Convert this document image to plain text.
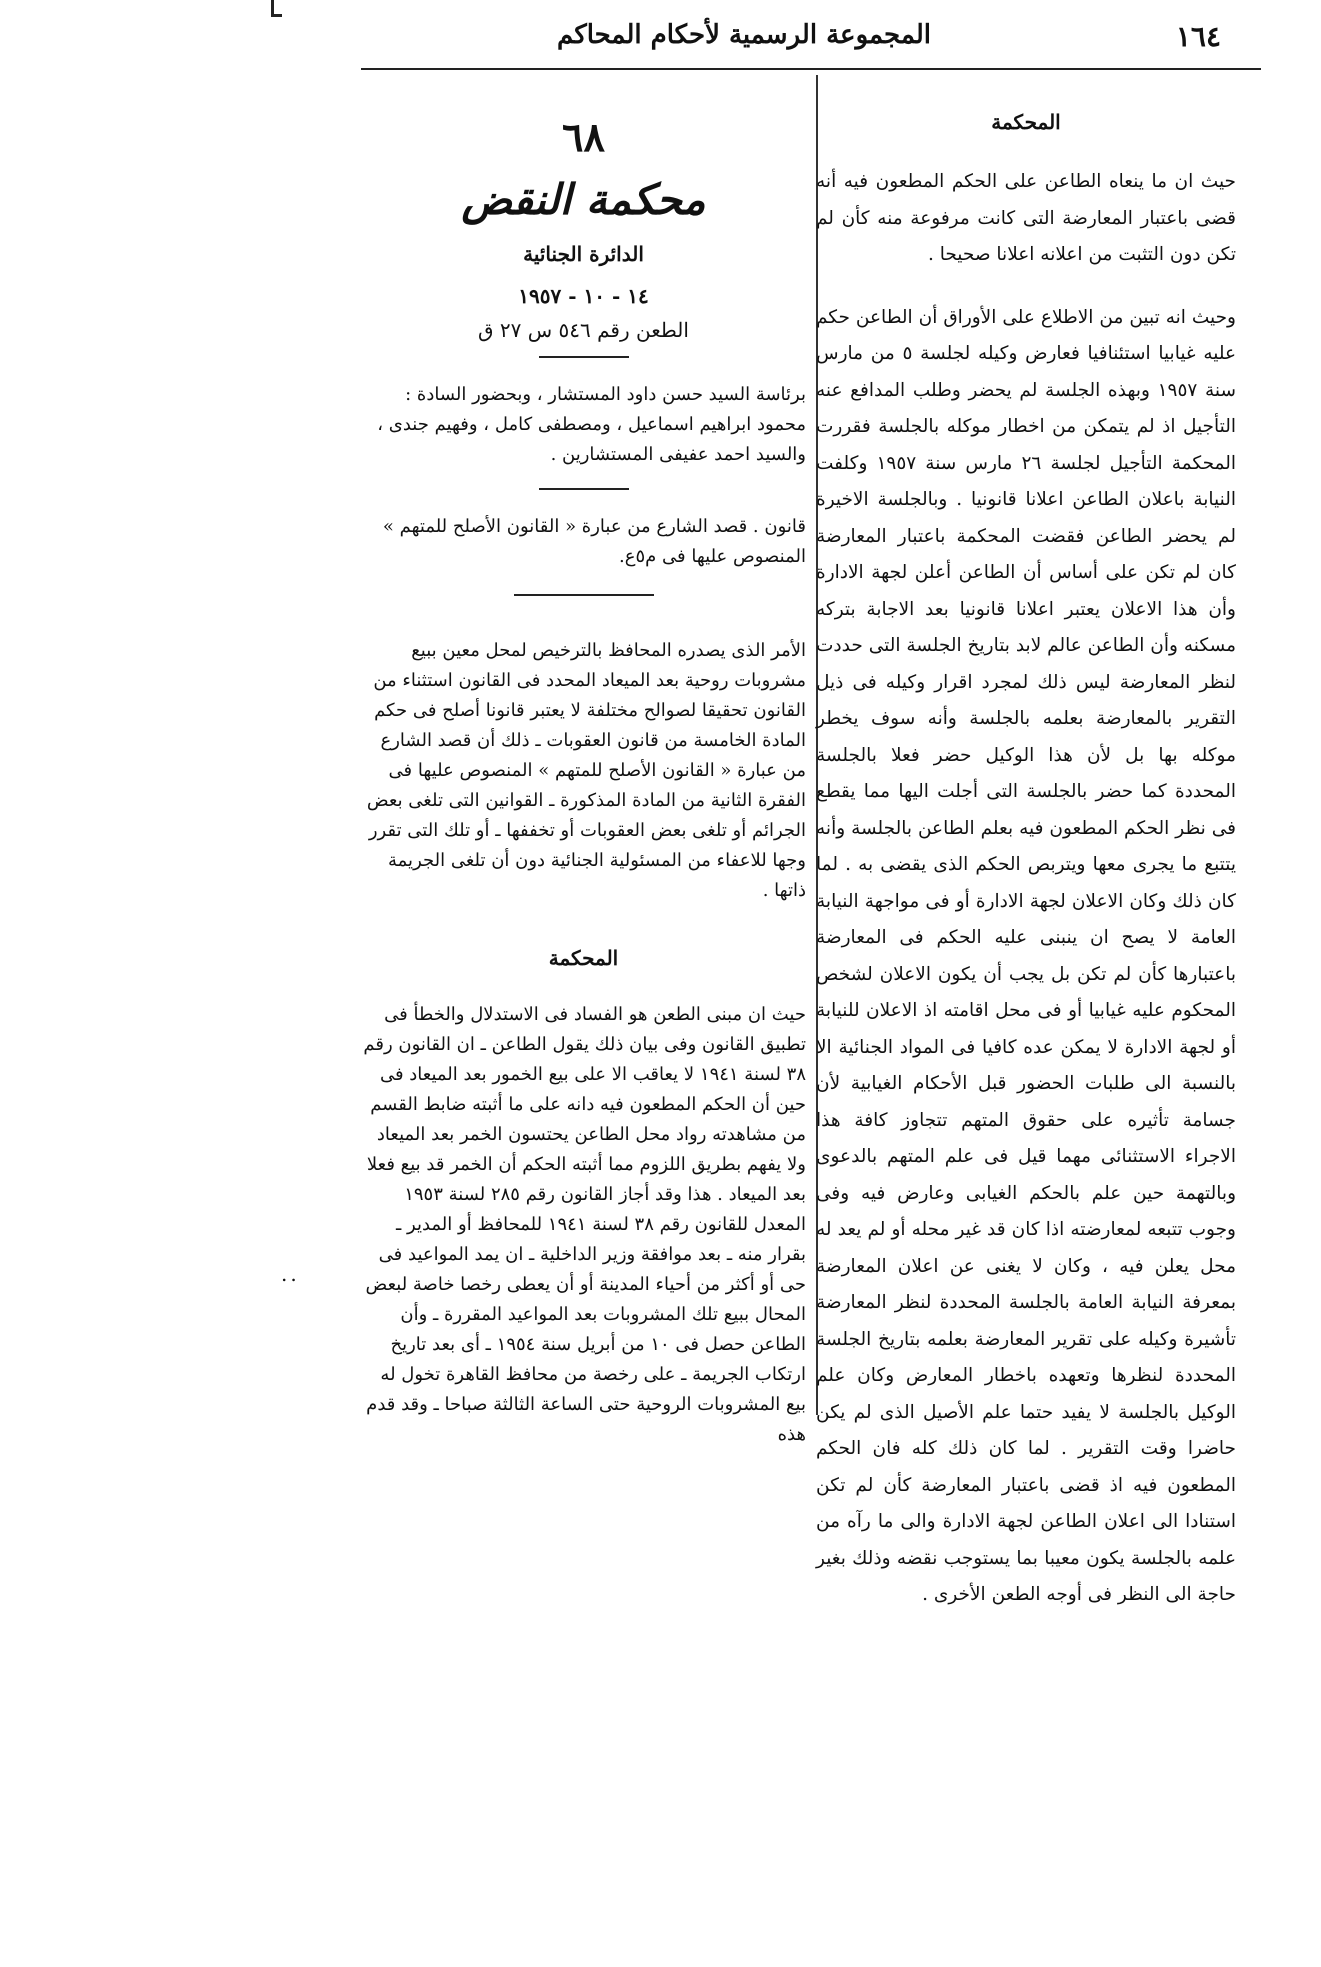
١٦٤
المجموعة الرسمية لأحكام المحاكم
المحكمة

حيث ان ما ينعاه الطاعن على الحكم المطعون فيه أنه قضى باعتبار المعارضة التى كانت مرفوعة منه كأن لم تكن دون التثبت من اعلانه اعلانا صحيحا .

وحيث انه تبين من الاطلاع على الأوراق أن الطاعن حكم عليه غيابيا استئنافيا فعارض وكيله لجلسة ٥ من مارس سنة ١٩٥٧ وبهذه الجلسة لم يحضر وطلب المدافع عنه التأجيل اذ لم يتمكن من اخطار موكله بالجلسة فقررت المحكمة التأجيل لجلسة ٢٦ مارس سنة ١٩٥٧ وكلفت النيابة باعلان الطاعن اعلانا قانونيا . وبالجلسة الاخيرة لم يحضر الطاعن فقضت المحكمة باعتبار المعارضة كان لم تكن على أساس أن الطاعن أعلن لجهة الادارة وأن هذا الاعلان يعتبر اعلانا قانونيا بعد الاجابة بتركه مسكنه وأن الطاعن عالم لابد بتاريخ الجلسة التى حددت لنظر المعارضة ليس ذلك لمجرد اقرار وكيله فى ذيل التقرير بالمعارضة بعلمه بالجلسة وأنه سوف يخطر موكله بها بل لأن هذا الوكيل حضر فعلا بالجلسة المحددة كما حضر بالجلسة التى أجلت اليها مما يقطع فى نظر الحكم المطعون فيه بعلم الطاعن بالجلسة وأنه يتتبع ما يجرى معها ويتربص الحكم الذى يقضى به . لما كان ذلك وكان الاعلان لجهة الادارة أو فى مواجهة النيابة العامة لا يصح ان ينبنى عليه الحكم فى المعارضة باعتبارها كأن لم تكن بل يجب أن يكون الاعلان لشخص المحكوم عليه غيابيا أو فى محل اقامته اذ الاعلان للنيابة أو لجهة الادارة لا يمكن عده كافيا فى المواد الجنائية الا بالنسبة الى طلبات الحضور قبل الأحكام الغيابية لأن جسامة تأثيره على حقوق المتهم تتجاوز كافة هذا الاجراء الاستثنائى مهما قيل فى علم المتهم بالدعوى وبالتهمة حين علم بالحكم الغيابى وعارض فيه وفى وجوب تتبعه لمعارضته اذا كان قد غير محله أو لم يعد له محل يعلن فيه ، وكان لا يغنى عن اعلان المعارضة بمعرفة النيابة العامة بالجلسة المحددة لنظر المعارضة تأشيرة وكيله على تقرير المعارضة بعلمه بتاريخ الجلسة المحددة لنظرها وتعهده باخطار المعارض وكان علم الوكيل بالجلسة لا يفيد حتما علم الأصيل الذى لم يكن حاضرا وقت التقرير . لما كان ذلك كله فان الحكم المطعون فيه اذ قضى باعتبار المعارضة كأن لم تكن استنادا الى اعلان الطاعن لجهة الادارة والى ما رآه من علمه بالجلسة يكون معيبا بما يستوجب نقضه وذلك بغير حاجة الى النظر فى أوجه الطعن الأخرى .

٦٨
محكمة النقض
الدائرة الجنائية
١٤ - ١٠ - ١٩٥٧
الطعن رقم ٥٤٦ س ٢٧ ق

برئاسة السيد حسن داود المستشار ، وبحضور السادة : محمود ابراهيم اسماعيل ، ومصطفى كامل ، وفهيم جندى ، والسيد احمد عفيفى المستشارين .

قانون . قصد الشارع من عبارة « القانون الأصلح للمتهم » المنصوص عليها فى م٥ع.

الأمر الذى يصدره المحافظ بالترخيص لمحل معين ببيع مشروبات روحية بعد الميعاد المحدد فى القانون استثناء من القانون تحقيقا لصوالح مختلفة لا يعتبر قانونا أصلح فى حكم المادة الخامسة من قانون العقوبات ـ ذلك أن قصد الشارع من عبارة « القانون الأصلح للمتهم » المنصوص عليها فى الفقرة الثانية من المادة المذكورة ـ القوانين التى تلغى بعض الجرائم أو تلغى بعض العقوبات أو تخففها ـ أو تلك التى تقرر وجها للاعفاء من المسئولية الجنائية دون أن تلغى الجريمة ذاتها .

المحكمة

حيث ان مبنى الطعن هو الفساد فى الاستدلال والخطأ فى تطبيق القانون وفى بيان ذلك يقول الطاعن ـ ان القانون رقم ٣٨ لسنة ١٩٤١ لا يعاقب الا على بيع الخمور بعد الميعاد فى حين أن الحكم المطعون فيه دانه على ما أثبته ضابط القسم من مشاهدته رواد محل الطاعن يحتسون الخمر بعد الميعاد ولا يفهم بطريق اللزوم مما أثبته الحكم أن الخمر قد بيع فعلا بعد الميعاد . هذا وقد أجاز القانون رقم ٢٨٥ لسنة ١٩٥٣ المعدل للقانون رقم ٣٨ لسنة ١٩٤١ للمحافظ أو المدير ـ بقرار منه ـ بعد موافقة وزير الداخلية ـ ان يمد المواعيد فى حى أو أكثر من أحياء المدينة أو أن يعطى رخصا خاصة لبعض المحال ببيع تلك المشروبات بعد المواعيد المقررة ـ وأن الطاعن حصل فى ١٠ من أبريل سنة ١٩٥٤ ـ أى بعد تاريخ ارتكاب الجريمة ـ على رخصة من محافظ القاهرة تخول له بيع المشروبات الروحية حتى الساعة الثالثة صباحا ـ وقد قدم هذه

..
